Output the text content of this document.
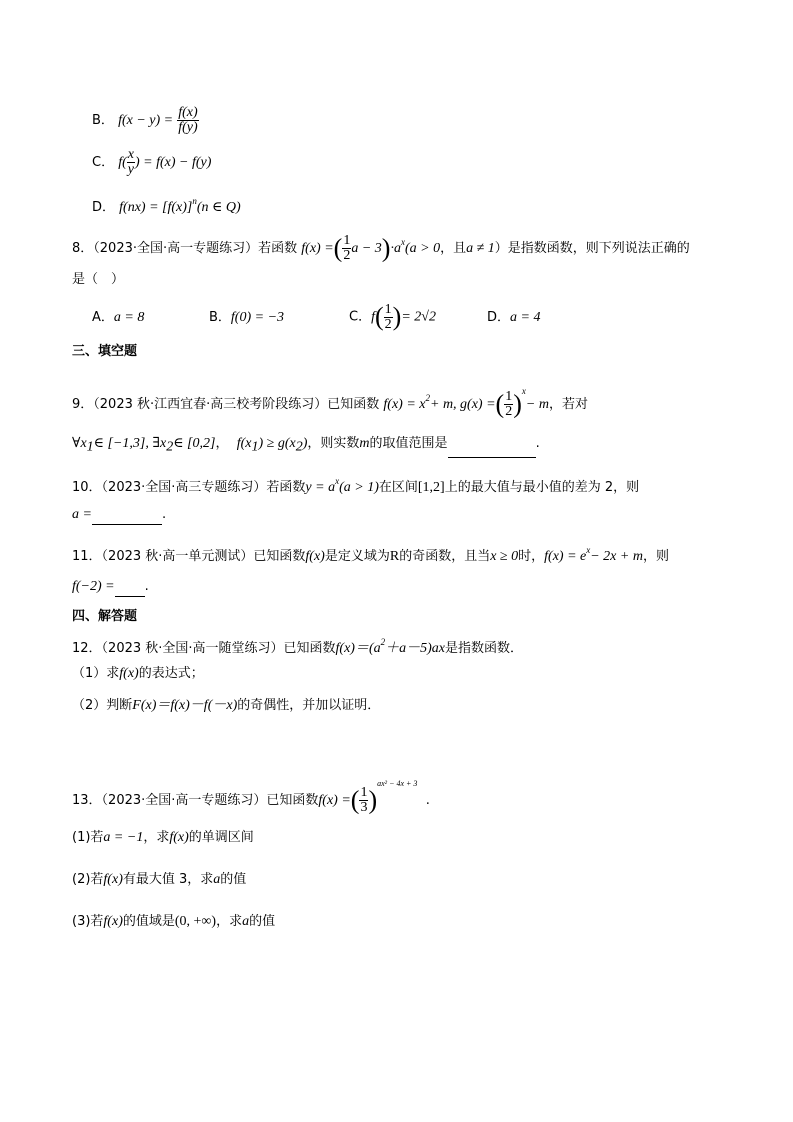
B． $f(x - y) = \frac{f(x)}{f(y)}$
C． $f( \frac{x}{y}$ ) = f(x) − f(y)
D． $f(nx) = [f(x)]^n(n$ ∈ Q)
8．（2023·全国·高一专题练习）若函数 f(x) =( $\frac{1}{2}$ $a - 3)\cdot a^x(a > 0$，且a ≠ 1）是指数函数，则下列说法正确的
是（　）
A．a = 8	B．f(0) = −3	C．$f( \frac{1}{2}$ )= 2√2	D．a = 4
三、填空题
9．（2023 秋·江西宜春·高三校考阶段练习）已知函数 $f(x) = x^2+ m$, g(x) =( $\frac{1}{2} )^x- m$，若对
$\forall x_1\in$ [−1,3], $\exists x_2\in$ [0,2]， $f(x_1) \ge g(x_2)$，则实数m的取值范围是	.
10．（2023·全国·高三专题练习）若函数$y = a^x(a > 1)$在区间[1,2]上的最大值与最小值的差为 2，则
a =	.
11．（2023 秋·高一单元测试）已知函数f(x)是定义域为R的奇函数，且当x ≥ 0时，$f(x) = e^x- 2x + m$，则
f(−2) = .
四、解答题
12．（2023 秋·全国·高一随堂练习）已知函数$f(x)=(a^2+a-5)ax$是指数函数．
（1）求f(x)的表达式；
（2）判断F(x)＝f(x)－f(－x)的奇偶性，并加以证明．
13．（2023·全国·高一专题练习）已知函数f(x) =( $\frac{1}{3} )^{ax^2 - 4x + 3}$  .
(1)若a = −1，求f(x)的单调区间
(2)若f(x)有最大值 3，求a的值
(3)若f(x)的值域是(0, +∞)，求a的值
